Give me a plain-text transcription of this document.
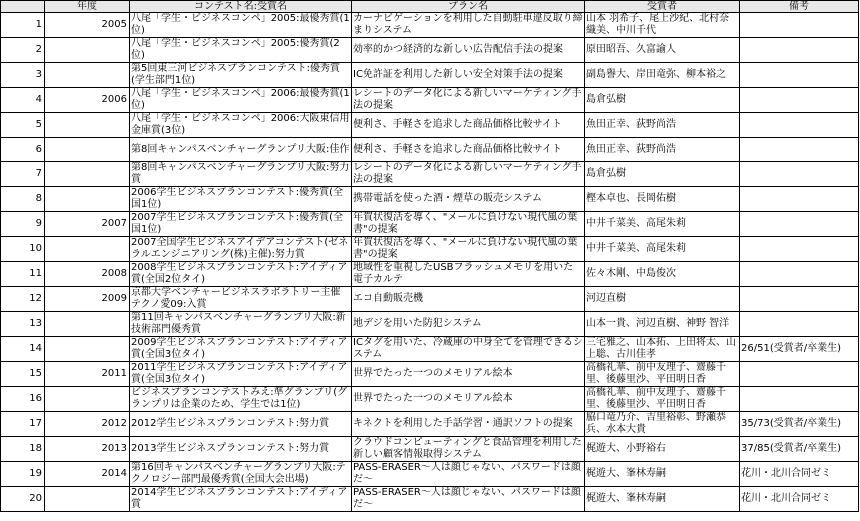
	年度	コンテスト名:受賞名	プラン名	受賞者	備考
1	2005	八尾「学生・ビジネスコンペ」2005:最優秀賞(1位)	カーナビゲーションを利用した自動駐車違反取り締まりシステム	山本 羽希子、尾上沙紀、北村奈織美、中川千代	
2		八尾「学生・ビジネスコンペ」2005:優秀賞(2位)	効率的かつ経済的な新しい広告配信手法の提案	原田昭吾、久富諭人	
3		第5回東三河ビジネスプランコンテスト:優秀賞(学生部門1位)	IC免許証を利用した新しい安全対策手法の提案	副島譽大、岸田竜弥、柳本裕之	
4	2006	八尾「学生・ビジネスコンペ」2006:最優秀賞(1位)	レシートのデータ化による新しいマーケティング手法の提案	島倉弘樹	
5		八尾「学生・ビジネスコンペ」2006:大阪東信用金庫賞(3位)	便利さ、手軽さを追求した商品価格比較サイト	魚田正幸、荻野尚浩	
6		第8回キャンパスベンチャーグランプリ大阪:佳作	便利さ、手軽さを追求した商品価格比較サイト	魚田正幸、荻野尚浩	
7		第8回キャンパスベンチャーグランプリ大阪:努力賞	レシートのデータ化による新しいマーケティング手法の提案	島倉弘樹	
8		2006学生ビジネスプランコンテスト:優秀賞(全国1位)	携帯電話を使った酒・煙草の販売システム	樫本卓也、長岡佑樹	
9	2007	2007学生ビジネスプランコンテスト:優秀賞(全国1位)	年賀状復活を導く、"メールに負けない現代風の葉書"の提案	中井千菜美、高尾朱莉	
10		2007全国学生ビジネスアイデアコンテスト(ゼネラルエンジニアリング(株)主催):努力賞	年賀状復活を導く、"メールに負けない現代風の葉書"の提案	中井千菜美、高尾朱莉	
11	2008	2008学生ビジネスプランコンテスト:アイディア賞(全国2位タイ)	地域性を重視したUSBフラッシュメモリを用いた電子カルテ	佐々木剛、中島俊次	
12	2009	京都大学ベンチャービジネスラボラトリー主催テクノ愛09:入賞	エコ自動販売機	河辺直樹	
13		第11回キャンパスベンチャーグランプリ大阪:新技術部門優秀賞	地デジを用いた防犯システム	山本一貴、河辺直樹、神野 智洋	
14		2009学生ビジネスプランコンテスト:アイディア賞(全国3位タイ)	ICタグを用いた、冷蔵庫の中身全てを管理できるシステム	三宅雅之、山本拓、上田将太、山上聡、古川佳孝	26/51(受賞者/卒業生)
15	2011	2011学生ビジネスプランコンテスト:アイディア賞(全国3位タイ)	世界でたった一つのメモリアル絵本	高橋礼華、前中友理子、齋藤千里、後藤里沙、平田明日香	
16		ビジネスプランコンテストみえ:準グランプリ(グランプリは企業のため、学生では1位)	世界でたった一つのメモリアル絵本	高橋礼華、前中友理子、齋藤千里、後藤里沙、平田明日香	
17	2012	2012学生ビジネスプランコンテスト:努力賞	キネクトを利用した手話学習・通訳ソフトの提案	脇口竜乃介、吉里裕彰、野瀬恭兵、水本大貴	35/73(受賞者/卒業生)
18	2013	2013学生ビジネスプランコンテスト:努力賞	クラウドコンピューティングと食品管理を利用した新しい顧客情報取得システム	梶遊大、小野裕右	37/85(受賞者/卒業生)
19	2014	第16回キャンパスベンチャーグランプリ大阪:テクノロジー部門最優秀賞(全国大会出場)	PASS-ERASER～人は顔じゃない、パスワードは顔だ～	梶遊大、峯林寿嗣	花川・北川合同ゼミ
20		2014学生ビジネスプランコンテスト:アイディア賞	PASS-ERASER～人は顔じゃない、パスワードは顔だ～	梶遊大、峯林寿嗣	花川・北川合同ゼミ
